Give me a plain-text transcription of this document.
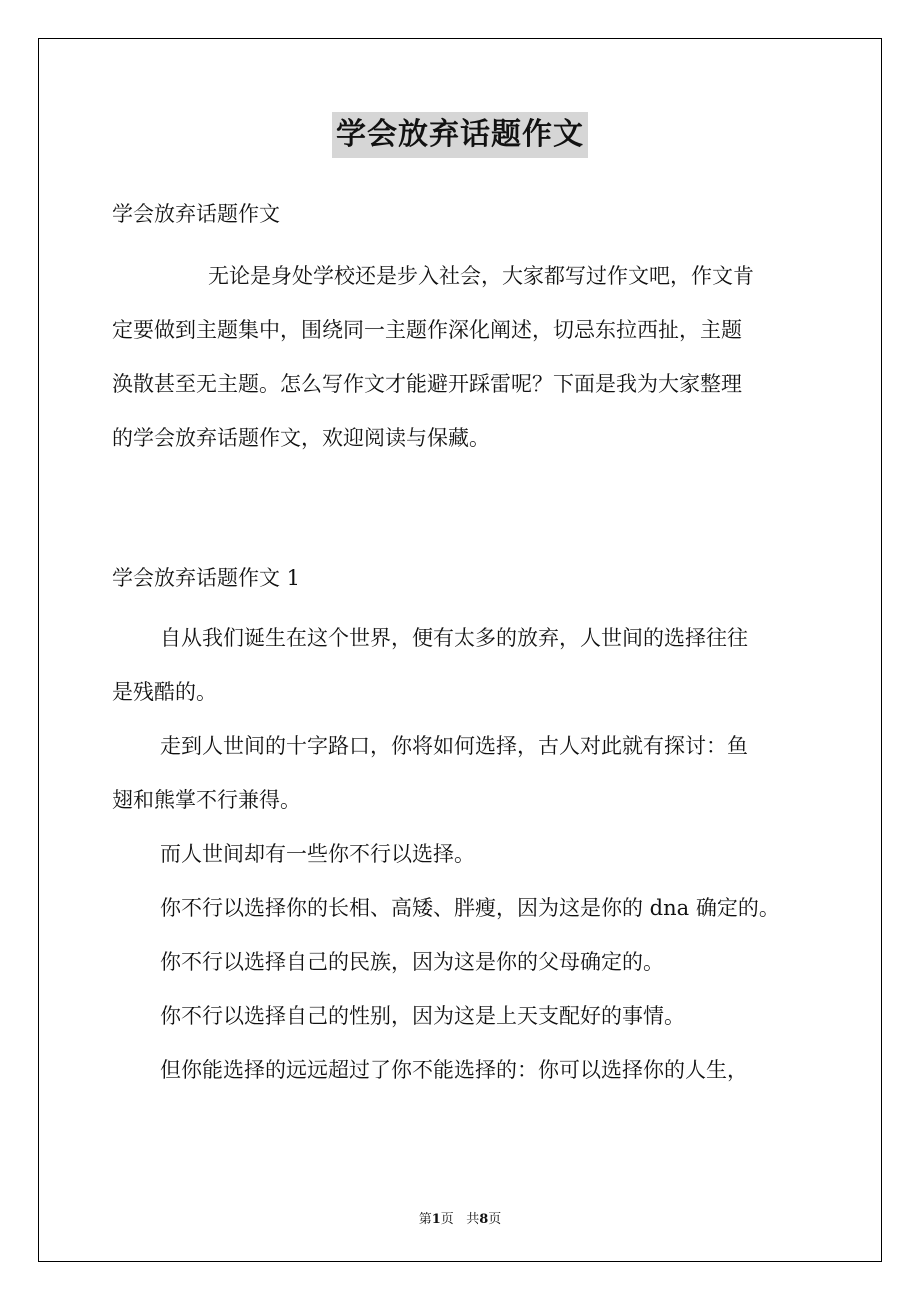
学会放弃话题作文
学会放弃话题作文
无论是身处学校还是步入社会，大家都写过作文吧，作文肯
定要做到主题集中，围绕同一主题作深化阐述，切忌东拉西扯，主题
涣散甚至无主题。怎么写作文才能避开踩雷呢？下面是我为大家整理
的学会放弃话题作文，欢迎阅读与保藏。
学会放弃话题作文 1
自从我们诞生在这个世界，便有太多的放弃，人世间的选择往往
是残酷的。
走到人世间的十字路口，你将如何选择，古人对此就有探讨：鱼
翅和熊掌不行兼得。
而人世间却有一些你不行以选择。
你不行以选择你的长相、高矮、胖瘦，因为这是你的 dna 确定的。
你不行以选择自己的民族，因为这是你的父母确定的。
你不行以选择自己的性别，因为这是上天支配好的事情。
但你能选择的远远超过了你不能选择的：你可以选择你的人生，
第1页 共8页
